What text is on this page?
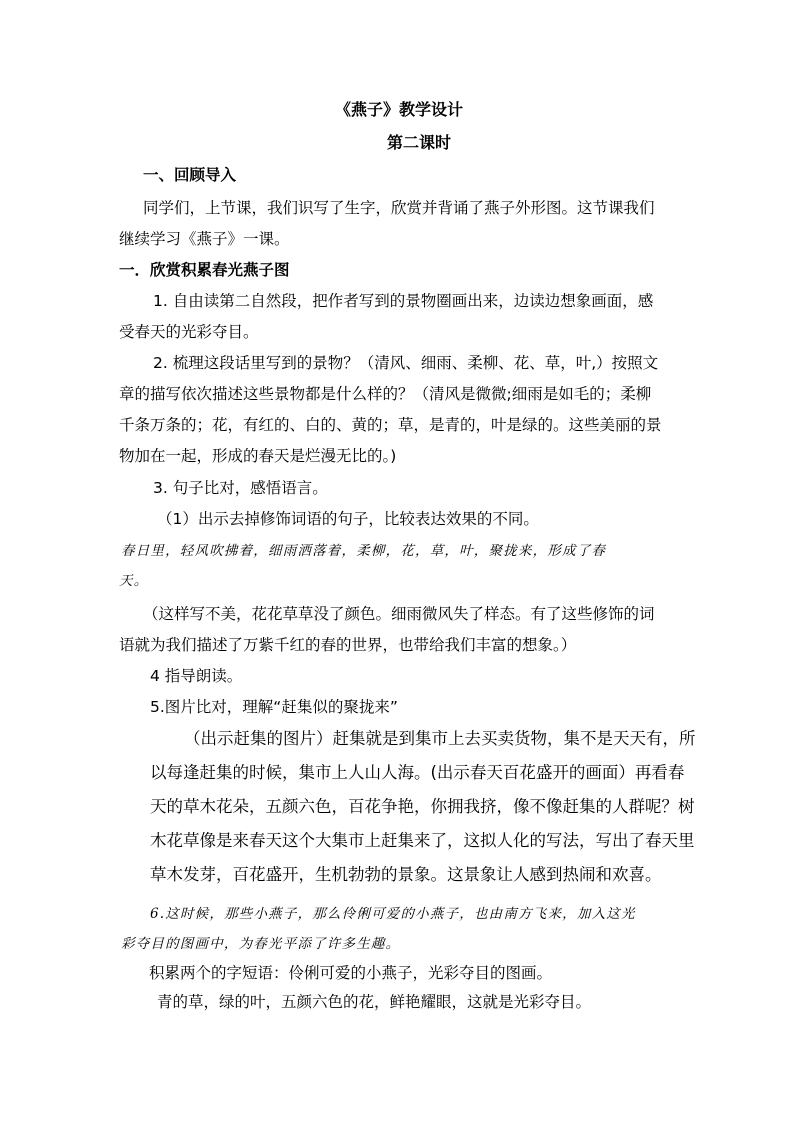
《燕子》教学设计
第二课时
一、回顾导入
同学们，上节课，我们识写了生字，欣赏并背诵了燕子外形图。这节课我们
继续学习《燕子》一课。
一．欣赏积累春光燕子图
1. 自由读第二自然段，把作者写到的景物圈画出来，边读边想象画面，感
受春天的光彩夺目。
2. 梳理这段话里写到的景物？（清风、细雨、柔柳、花、草，叶,）按照文
章的描写依次描述这些景物都是什么样的？（清风是微微;细雨是如毛的；柔柳
千条万条的；花，有红的、白的、黄的；草，是青的，叶是绿的。这些美丽的景
物加在一起，形成的春天是烂漫无比的。)
3. 句子比对，感悟语言。
（1）出示去掉修饰词语的句子，比较表达效果的不同。
春日里，轻风吹拂着，细雨洒落着，柔柳，花，草，叶，聚拢来，形成了春
天。
（这样写不美，花花草草没了颜色。细雨微风失了样态。有了这些修饰的词
语就为我们描述了万紫千红的春的世界，也带给我们丰富的想象。）
4 指导朗读。
5.图片比对，理解“赶集似的聚拢来”
（出示赶集的图片）赶集就是到集市上去买卖货物，集不是天天有，所
以每逢赶集的时候，集市上人山人海。(出示春天百花盛开的画面）再看春
天的草木花朵，五颜六色，百花争艳，你拥我挤，像不像赶集的人群呢？树
木花草像是来春天这个大集市上赶集来了，这拟人化的写法，写出了春天里
草木发芽，百花盛开，生机勃勃的景象。这景象让人感到热闹和欢喜。
6.这时候，那些小燕子，那么伶俐可爱的小燕子，也由南方飞来，加入这光
彩夺目的图画中，为春光平添了许多生趣。
积累两个的字短语：伶俐可爱的小燕子，光彩夺目的图画。
青的草，绿的叶，五颜六色的花，鲜艳耀眼，这就是光彩夺目。
